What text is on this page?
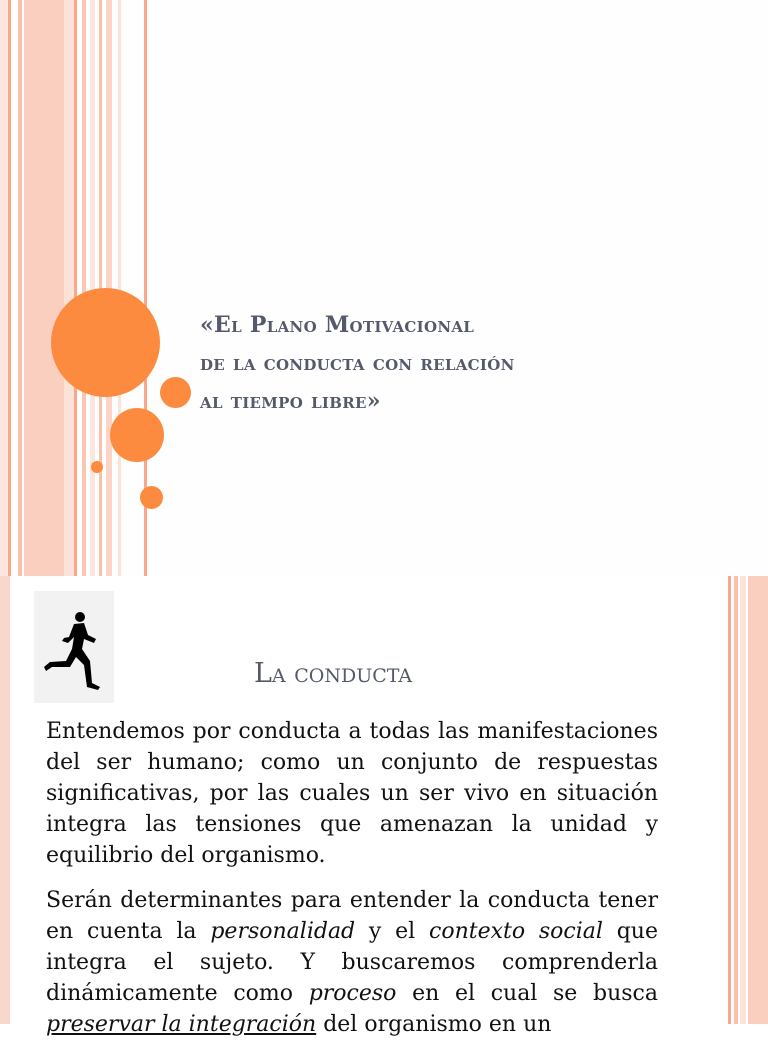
«El Plano Motivacional
de la conducta con relación
al tiempo libre»
La conducta

Entendemos por conducta a todas las manifestaciones del ser humano; como un conjunto de respuestas significativas, por las cuales un ser vivo en situación integra las tensiones que amenazan la unidad y equilibrio del organismo.

Serán determinantes para entender la conducta tener en cuenta la personalidad y el contexto social que integra el sujeto. Y buscaremos comprenderla dinámicamente como proceso en el cual se busca preservar la integración del organismo en un
